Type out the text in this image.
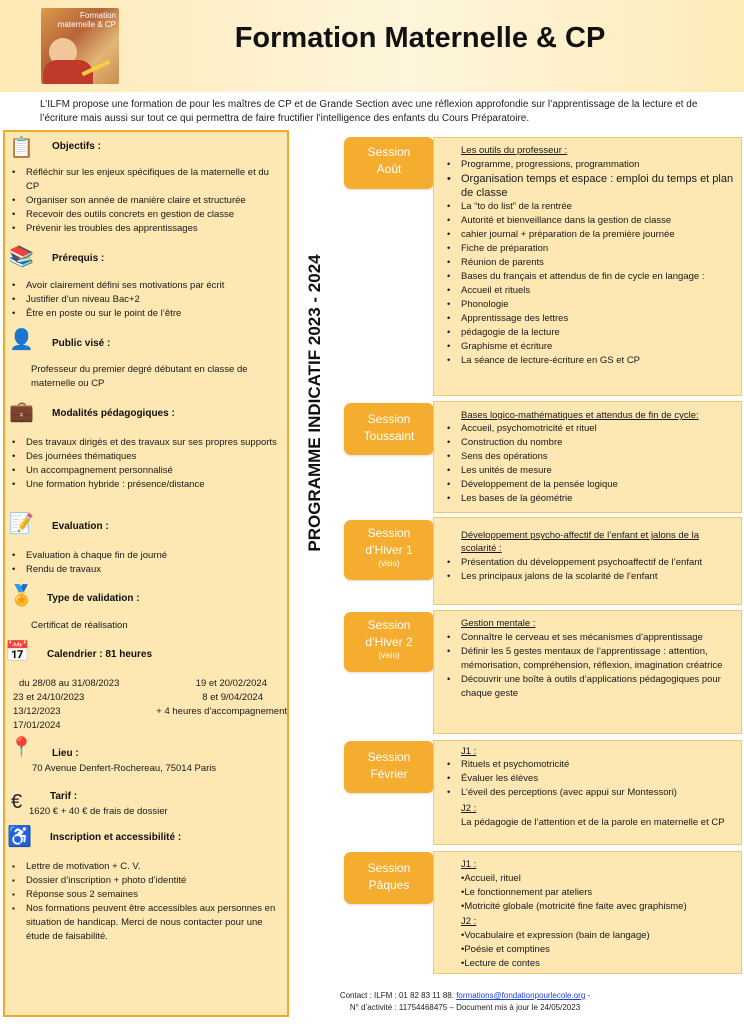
Formation maternelle & CP	Formation Maternelle & CP
L’ILFM propose une formation de pour les maîtres de CP et de Grande Section avec une réflexion approfondie sur l’apprentissage de la lecture et de l’écriture mais aussi sur tout ce qui permettra de faire fructifier l’intelligence des enfants du Cours Préparatoire.
📋 Objectifs :
• Réfléchir sur les enjeux spécifiques de la maternelle et du CP
• Organiser son année de manière claire et structurée
• Recevoir des outils concrets en gestion de classe
• Prévenir les troubles des apprentissages
📚 Prérequis :
• Avoir clairement défini ses motivations par écrit
• Justifier d’un niveau Bac+2
• Être en poste ou sur le point de l’être
👤 Public visé :
Professeur du premier degré débutant en classe de maternelle ou CP
💼 Modalités pédagogiques :
• Des travaux dirigés et des travaux sur ses propres supports
• Des journées thématiques
• Un accompagnement personnalisé
• Une formation hybride : présence/distance
📝 Evaluation :
• Evaluation à chaque fin de journé
• Rendu de travaux
🏅 Type de validation :
Certificat de réalisation
📅 Calendrier : 81 heures
du 28/08 au 31/08/2023
23 et 24/10/2023
13/12/2023
17/01/2024
19 et 20/02/2024
8 et 9/04/2024
+ 4 heures d’accompagnement
📍 Lieu :
70 Avenue Denfert-Rochereau, 75014 Paris
€	Tarif :
1620 € + 40 € de frais de dossier
♿ Inscription et accessibilité :
▪ Lettre de motivation + C. V.
▪ Dossier d’inscription + photo d’identité
▪ Réponse sous 2 semaines
▪ Nos formations peuvent être accessibles aux personnes en situation de handicap. Merci de nous contacter pour une étude de faisabilité.
PROGRAMME INDICATIF 2023 - 2024
Session
Août
Les outils du professeur :
• Programme, progressions, programmation
• Organisation temps et espace : emploi du temps et plan de classe
• La “to do list” de la rentrée
• Autorité et bienveillance dans la gestion de classe
• cahier journal + préparation de la première journée
• Fiche de préparation
• Réunion de parents
• Bases du français et attendus de fin de cycle en langage :
• Accueil et rituels
• Phonologie
• Apprentissage des lettres
• pédagogie de la lecture
• Graphisme et écriture
• La séance de lecture-écriture en GS et CP
Session
Toussaint
Bases logico-mathématiques et attendus de fin de cycle:
• Accueil, psychomotricité et rituel
• Construction du nombre
• Sens des opérations
• Les unités de mesure
• Développement de la pensée logique
• Les bases de la géométrie
Session
d’Hiver 1
(visio)
Développement psycho-affectif de l’enfant et jalons de la scolarité :
• Présentation du développement psychoaffectif de l’enfant
• Les principaux jalons de la scolarité de l’enfant
Session
d’Hiver 2
(visio)
Gestion mentale :
• Connaître le cerveau et ses mécanismes d’apprentissage
• Définir les 5 gestes mentaux de l’apprentissage : attention, mémorisation, compréhension, réflexion, imagination créatrice
• Découvrir une boîte à outils d’applications pédagogiques pour chaque geste
Session
Février
J1 :
• Rituels et psychomotricité
• Évaluer les élèves
• L’éveil des perceptions (avec appui sur Montessori)
J2 :
La pédagogie de l’attention et de la parole en maternelle et CP
Session
Pâques
J1 :
•Accueil, rituel
•Le fonctionnement par ateliers
•Motricité globale (motricité fine faite avec graphisme)
J2 :
•Vocabulaire et expression (bain de langage)
•Poésie et comptines
•Lecture de contes
Contact : ILFM : 01 82 83 11 88. formations@fondationpourlecole.org -
N° d’activité : 11754468475 – Document mis à jour le 24/05/2023
